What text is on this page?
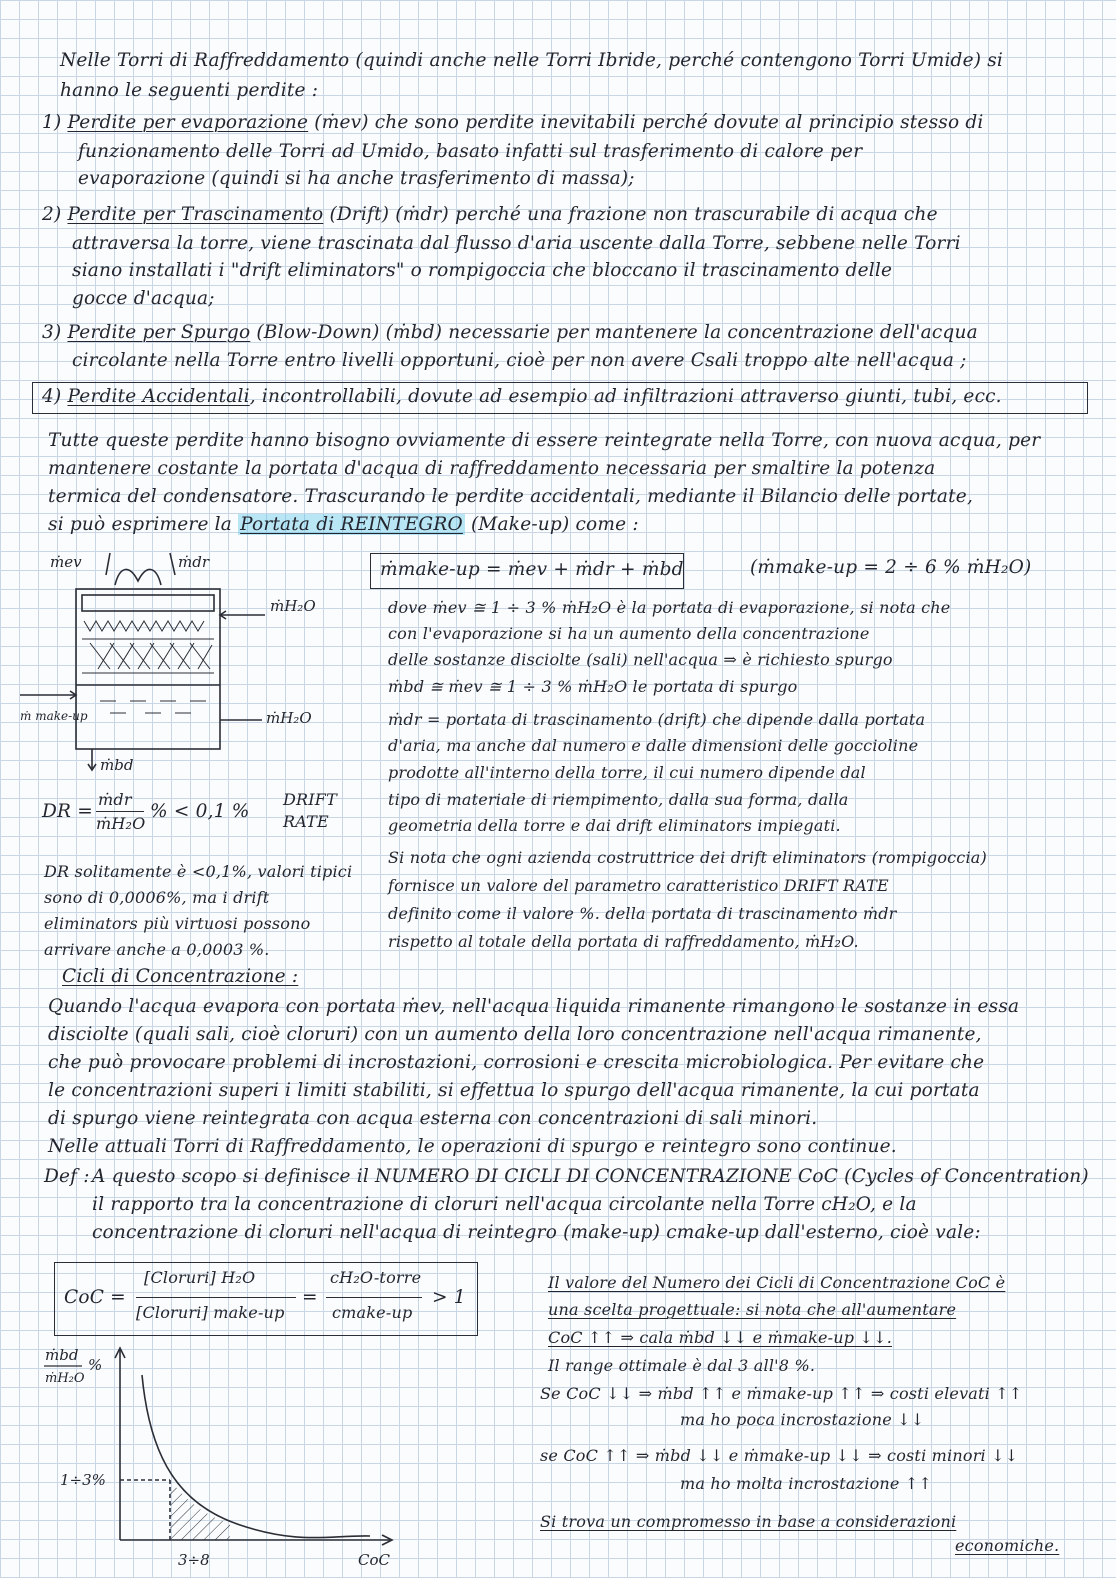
Nelle Torri di Raffreddamento (quindi anche nelle Torri Ibride, perché contengono Torri Umide) si
hanno le seguenti perdite :
1) Perdite per evaporazione (ṁev) che sono perdite inevitabili perché dovute al principio stesso di
funzionamento delle Torri ad Umido, basato infatti sul trasferimento di calore per
evaporazione (quindi si ha anche trasferimento di massa);
2) Perdite per Trascinamento (Drift) (ṁdr) perché una frazione non trascurabile di acqua che
attraversa la torre, viene trascinata dal flusso d'aria uscente dalla Torre, sebbene nelle Torri
siano installati i "drift eliminators" o rompigoccia che bloccano il trascinamento delle
gocce d'acqua;
3) Perdite per Spurgo (Blow-Down) (ṁbd) necessarie per mantenere la concentrazione dell'acqua
circolante nella Torre entro livelli opportuni, cioè per non avere Csali troppo alte nell'acqua ;
4) Perdite Accidentali, incontrollabili, dovute ad esempio ad infiltrazioni attraverso giunti, tubi, ecc.
Tutte queste perdite hanno bisogno ovviamente di essere reintegrate nella Torre, con nuova acqua, per
mantenere costante la portata d'acqua di raffreddamento necessaria per smaltire la potenza
termica del condensatore. Trascurando le perdite accidentali, mediante il Bilancio delle portate,
si può esprimere la Portata di REINTEGRO (Make-up) come :
ṁev	ṁdr
ṁH₂O
ṁH₂O
ṁ make-up
ṁbd
ṁmake-up = ṁev + ṁdr + ṁbd	(ṁmake-up = 2 ÷ 6 % ṁH₂O)
dove ṁev ≅ 1 ÷ 3 % ṁH₂O è la portata di evaporazione, si nota che
con l'evaporazione si ha un aumento della concentrazione
delle sostanze disciolte (sali) nell'acqua ⇒ è richiesto spurgo
ṁbd ≅ ṁev ≅ 1 ÷ 3 % ṁH₂O le portata di spurgo
ṁdr = portata di trascinamento (drift) che dipende dalla portata
d'aria, ma anche dal numero e dalle dimensioni delle goccioline
prodotte all'interno della torre, il cui numero dipende dal
tipo di materiale di riempimento, dalla sua forma, dalla
geometria della torre e dai drift eliminators impiegati.
Si nota che ogni azienda costruttrice dei drift eliminators (rompigoccia)
fornisce un valore del parametro caratteristico DRIFT RATE
definito come il valore %. della portata di trascinamento ṁdr
rispetto al totale della portata di raffreddamento, ṁH₂O.
DR =
ṁdr
ṁH₂O
% < 0,1 %
DRIFT
RATE
DR solitamente è <0,1%, valori tipici
sono di 0,0006%, ma i drift
eliminators più virtuosi possono
arrivare anche a 0,0003 %.
Cicli di Concentrazione :
Quando l'acqua evapora con portata ṁev, nell'acqua liquida rimanente rimangono le sostanze in essa
disciolte (quali sali, cioè cloruri) con un aumento della loro concentrazione nell'acqua rimanente,
che può provocare problemi di incrostazioni, corrosioni e crescita microbiologica. Per evitare che
le concentrazioni superi i limiti stabiliti, si effettua lo spurgo dell'acqua rimanente, la cui portata
di spurgo viene reintegrata con acqua esterna con concentrazioni di sali minori.
Nelle attuali Torri di Raffreddamento, le operazioni di spurgo e reintegro sono continue.
Def : A questo scopo si definisce il NUMERO DI CICLI DI CONCENTRAZIONE CoC (Cycles of Concentration)
il rapporto tra la concentrazione di cloruri nell'acqua circolante nella Torre cH₂O, e la
concentrazione di cloruri nell'acqua di reintegro (make-up) cmake-up dall'esterno, cioè vale:
CoC =
[Cloruri] H₂O
[Cloruri] make-up
=
cH₂O-torre
cmake-up
> 1
ṁbd
ṁH₂O
%
1÷3%
3÷8	CoC
Il valore del Numero dei Cicli di Concentrazione CoC è
una scelta progettuale: si nota che all'aumentare
CoC ↑↑ ⇒ cala ṁbd ↓↓ e ṁmake-up ↓↓.
Il range ottimale è dal 3 all'8 %.
Se CoC ↓↓ ⇒ ṁbd ↑↑ e ṁmake-up ↑↑ ⇒ costi elevati ↑↑
ma ho poca incrostazione ↓↓
se CoC ↑↑ ⇒ ṁbd ↓↓ e ṁmake-up ↓↓ ⇒ costi minori ↓↓
ma ho molta incrostazione ↑↑
Si trova un compromesso in base a considerazioni
economiche.
